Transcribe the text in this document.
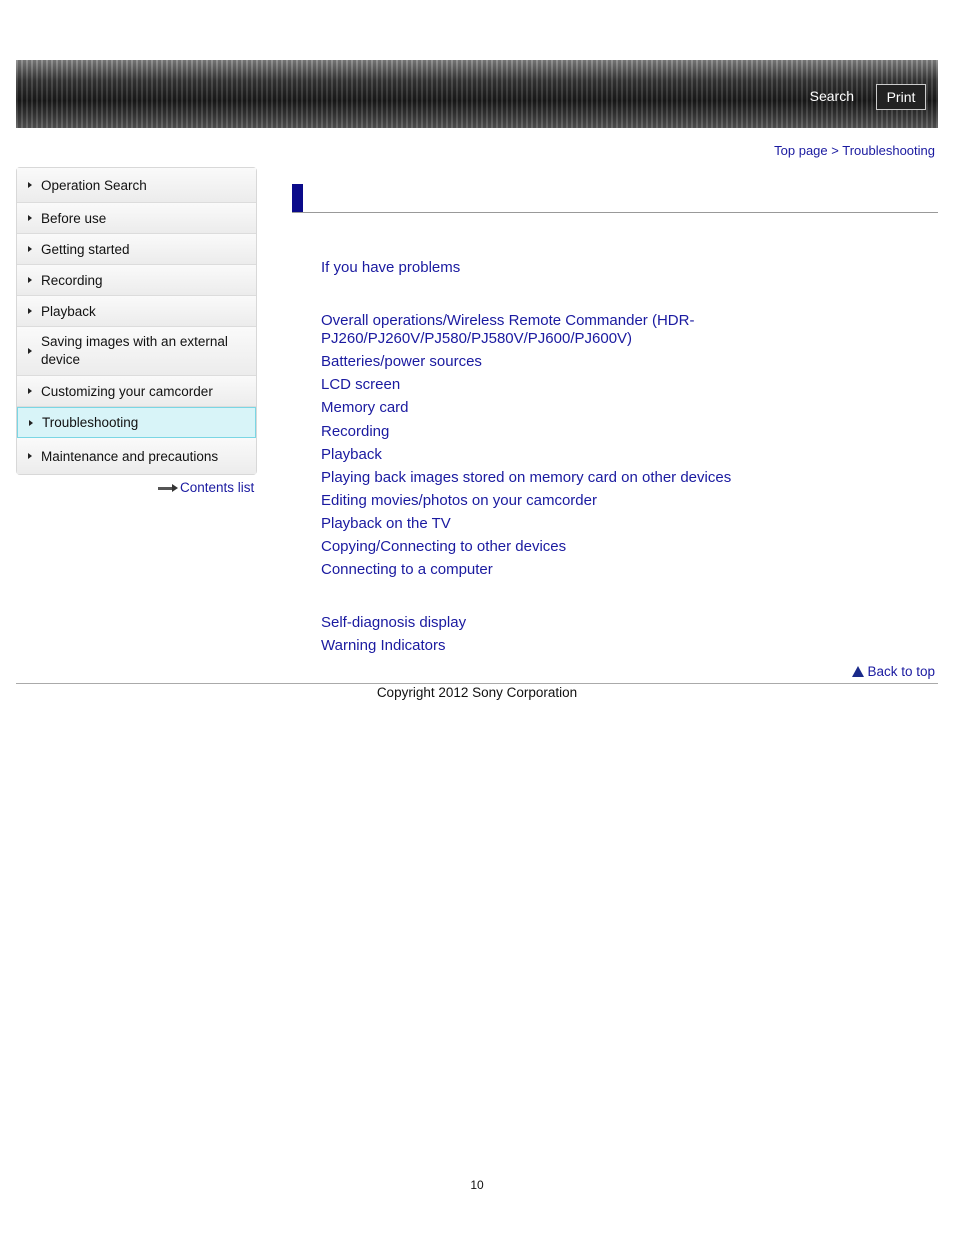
Search	Print
Top page > Troubleshooting
Operation Search
Before use
Getting started
Recording
Playback
Saving images with an external device
Customizing your camcorder
Troubleshooting
Maintenance and precautions
Contents list
If you have problems
Overall operations/Wireless Remote Commander (HDR-PJ260/PJ260V/PJ580/PJ580V/PJ600/PJ600V)
Batteries/power sources
LCD screen
Memory card
Recording
Playback
Playing back images stored on memory card on other devices
Editing movies/photos on your camcorder
Playback on the TV
Copying/Connecting to other devices
Connecting to a computer
Self-diagnosis display
Warning Indicators
Back to top
Copyright 2012 Sony Corporation
10
